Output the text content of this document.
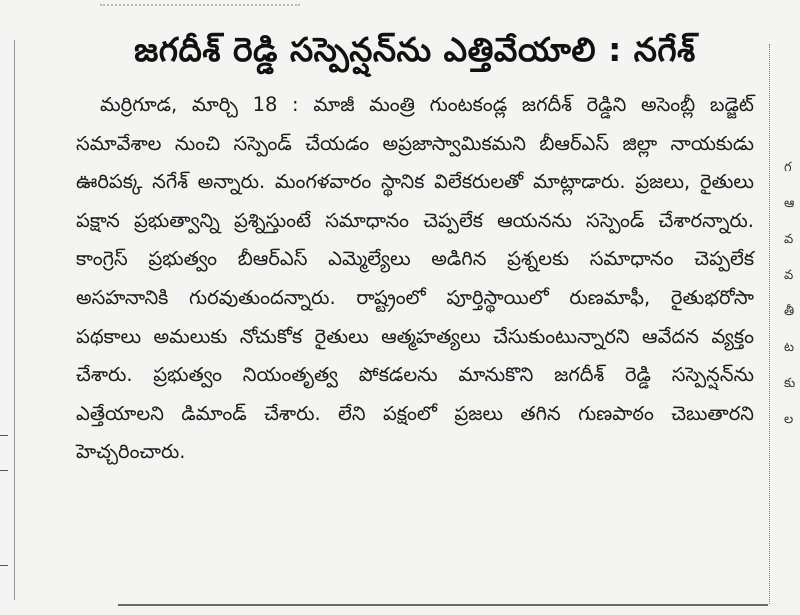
జగదీశ్ రెడ్డి సస్పెన్షన్‌ను ఎత్తివేయాలి : నగేశ్

మర్రిగూడ, మార్చి 18 : మాజీ మంత్రి గుంటకండ్ల జగదీశ్ రెడ్డిని అసెంబ్లీ బడ్జెట్ సమావేశాల నుంచి సస్పెండ్ చేయడం అప్రజాస్వామికమని బీఆర్ఎస్ జిల్లా నాయకుడు ఊరిపక్క నగేశ్ అన్నారు. మంగళవారం స్థానిక విలేకరులతో మాట్లాడారు. ప్రజలు, రైతులు పక్షాన ప్రభుత్వాన్ని ప్రశ్నిస్తుంటే సమాధానం చెప్పలేక ఆయనను సస్పెండ్ చేశారన్నారు. కాంగ్రెస్ ప్రభుత్వం బీఆర్ఎస్ ఎమ్మెల్యేలు అడిగిన ప్రశ్నలకు సమాధానం చెప్పలేక అసహనానికి గురవుతుందన్నారు. రాష్ట్రంలో పూర్తిస్థాయిలో రుణమాఫీ, రైతుభరోసా పథకాలు అమలుకు నోచుకోక రైతులు ఆత్మహత్యలు చేసుకుంటున్నారని ఆవేదన వ్యక్తం చేశారు. ప్రభుత్వం నియంతృత్వ పోకడలను మానుకొని జగదీశ్ రెడ్డి సస్పెన్షన్‌ను ఎత్తేయాలని డిమాండ్ చేశారు. లేని పక్షంలో ప్రజలు తగిన గుణపాఠం చెబుతారని హెచ్చరించారు.

గ
ఆ
వ
వ
తీ
ట
కు
ల
